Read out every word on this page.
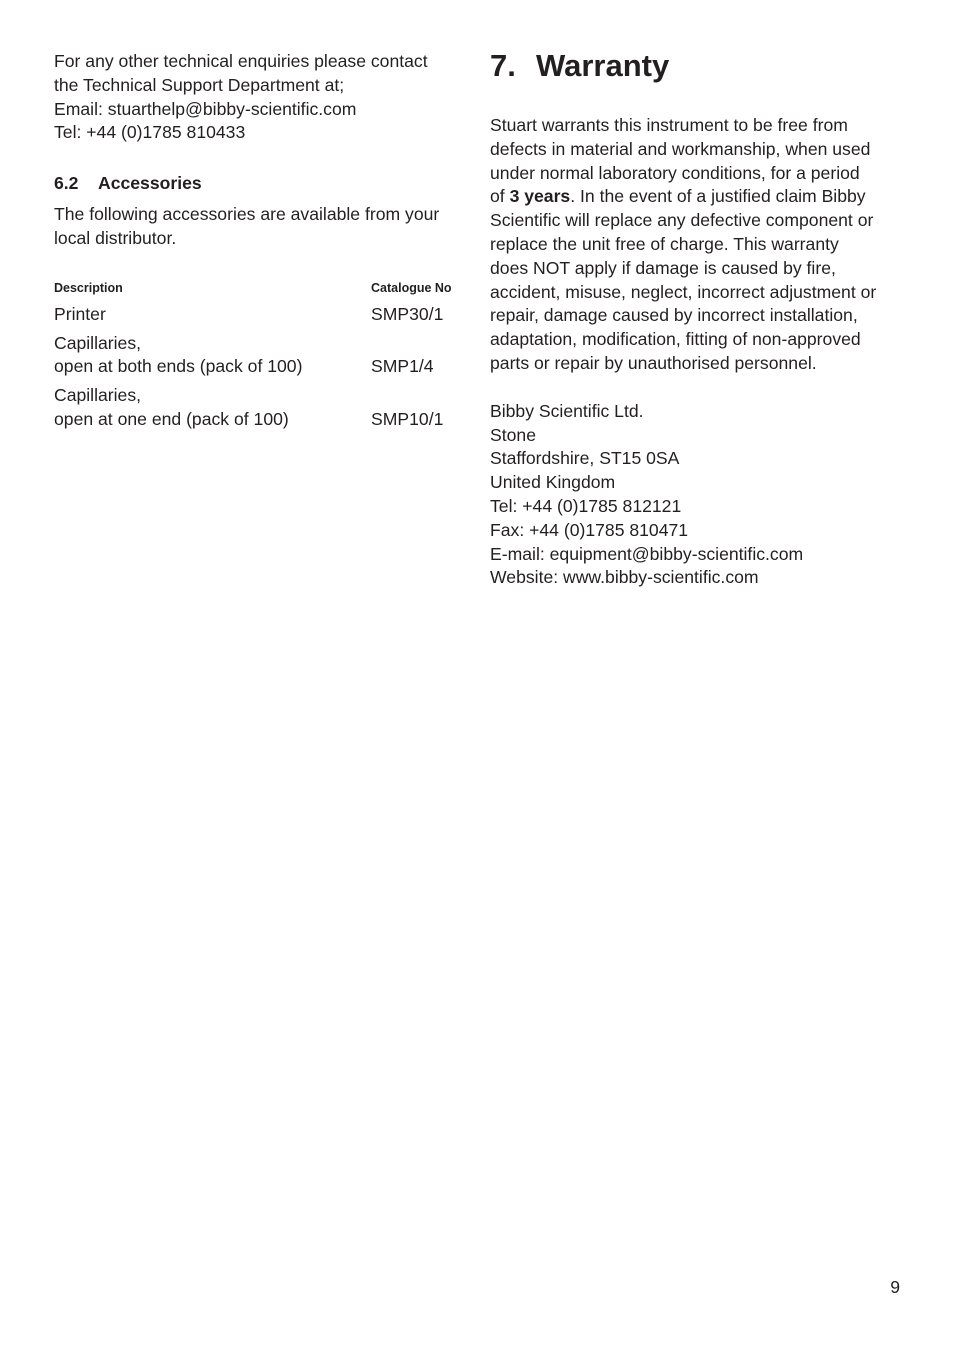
For any other technical enquiries please contact
the Technical Support Department at;
Email: stuarthelp@bibby-scientific.com
Tel: +44 (0)1785 810433

6.2 Accessories

The following accessories are available from your
local distributor.

Description	Catalogue No
Printer	SMP30/1
Capillaries,
open at both ends (pack of 100)	SMP1/4
Capillaries,
open at one end (pack of 100)	SMP10/1
7. Warranty

Stuart warrants this instrument to be free from
defects in material and workmanship, when used
under normal laboratory conditions, for a period
of 3 years. In the event of a justified claim Bibby
Scientific will replace any defective component or
replace the unit free of charge. This warranty
does NOT apply if damage is caused by fire,
accident, misuse, neglect, incorrect adjustment or
repair, damage caused by incorrect installation,
adaptation, modification, fitting of non-approved
parts or repair by unauthorised personnel.

Bibby Scientific Ltd.
Stone
Staffordshire, ST15 0SA
United Kingdom
Tel: +44 (0)1785 812121
Fax: +44 (0)1785 810471
E-mail: equipment@bibby-scientific.com
Website: www.bibby-scientific.com

9
